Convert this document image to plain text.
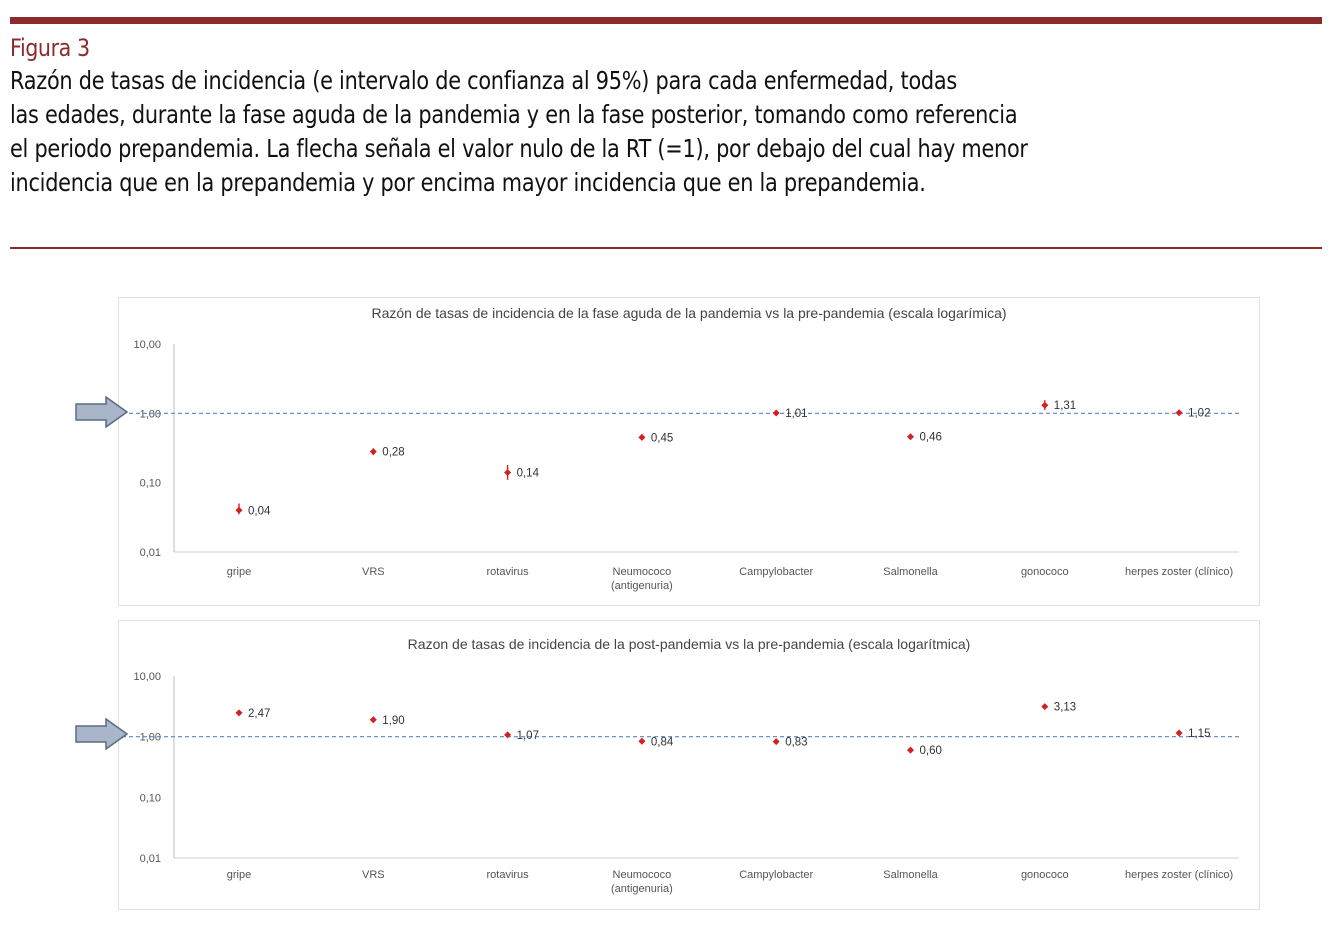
Figura 3
Razón de tasas de incidencia (e intervalo de confianza al 95%) para cada enfermedad, todas
las edades, durante la fase aguda de la pandemia y en la fase posterior, tomando como referencia
el periodo prepandemia. La flecha señala el valor nulo de la RT (=1), por debajo del cual hay menor
incidencia que en la prepandemia y por encima mayor incidencia que en la prepandemia.
Razón de tasas de incidencia de la fase aguda de la pandemia vs la pre-pandemia (escala logarímica)
0,01
0,10
1,00
10,00
gripe
0,04
VRS
0,28
rotavirus
0,14
Neumococo
(antigenuria)
0,45
Campylobacter
1,01
Salmonella
0,46
gonococo
1,31
herpes zoster (clínico)
1,02
Razon de tasas de incidencia de la post-pandemia vs la pre-pandemia (escala logarítmica)
0,01
0,10
1,00
10,00
gripe
2,47
VRS
1,90
rotavirus
1,07
Neumococo
(antigenuria)
0,84
Campylobacter
0,83
Salmonella
0,60
gonococo
3,13
herpes zoster (clínico)
1,15
